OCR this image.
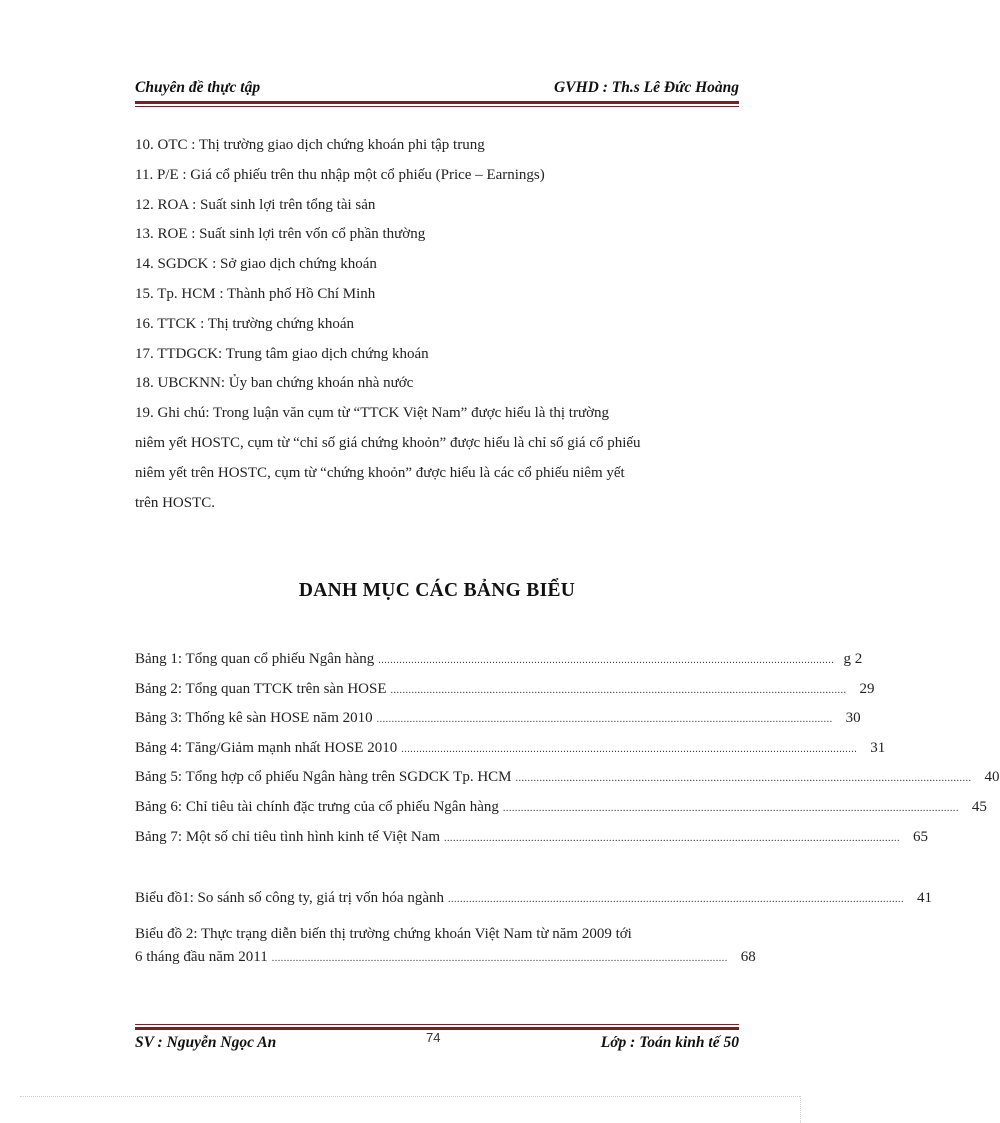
Chuyên đề thực tập	GVHD : Th.s Lê Đức Hoàng
10. OTC : Thị trường giao dịch chứng khoán phi tập trung
11. P/E : Giá cổ phiếu trên thu nhập một cổ phiếu (Price – Earnings)
12. ROA : Suất sinh lợi trên tổng tài sản
13. ROE : Suất sinh lợi trên vốn cổ phần thường
14. SGDCK : Sở giao dịch chứng khoán
15. Tp. HCM : Thành phố Hồ Chí Minh
16. TTCK : Thị trường chứng khoán
17. TTDGCK: Trung tâm giao dịch chứng khoán
18. UBCKNN: Ủy ban chứng khoán nhà nước
19. Ghi chú: Trong luận văn cụm từ “TTCK Việt Nam” được hiểu là thị trường
niêm yết HOSTC, cụm từ “chỉ số giá chứng khoỏn” được hiểu là chỉ số giá cổ phiếu
niêm yết trên HOSTC, cụm từ “chứng khoỏn” được hiểu là các cổ phiếu niêm yết
trên HOSTC.
DANH MỤC CÁC BẢNG BIỂU
Bảng 1: Tổng quan cổ phiếu Ngân hàng ........................................................................................................................................................ g 2
Bảng 2: Tổng quan TTCK trên sàn HOSE ........................................................................................................................................................ 29
Bảng 3: Thống kê sàn HOSE năm 2010 ........................................................................................................................................................ 30
Bảng 4: Tăng/Giảm mạnh nhất HOSE 2010 ........................................................................................................................................................ 31
Bảng 5: Tổng hợp cổ phiếu Ngân hàng trên SGDCK Tp. HCM ........................................................................................................................................................ 40
Bảng 6: Chỉ tiêu tài chính đặc trưng của cổ phiếu Ngân hàng ........................................................................................................................................................ 45
Bảng 7: Một số chỉ tiêu tình hình kinh tế Việt Nam ........................................................................................................................................................ 65
Biểu đồ1: So sánh số công ty, giá trị vốn hóa ngành ........................................................................................................................................................ 41
Biểu đồ 2: Thực trạng diễn biến thị trường chứng khoán Việt Nam từ năm 2009 tới
6 tháng đầu năm 2011 ........................................................................................................................................................ 68
SV : Nguyễn Ngọc An	74	Lớp : Toán kinh tế 50
